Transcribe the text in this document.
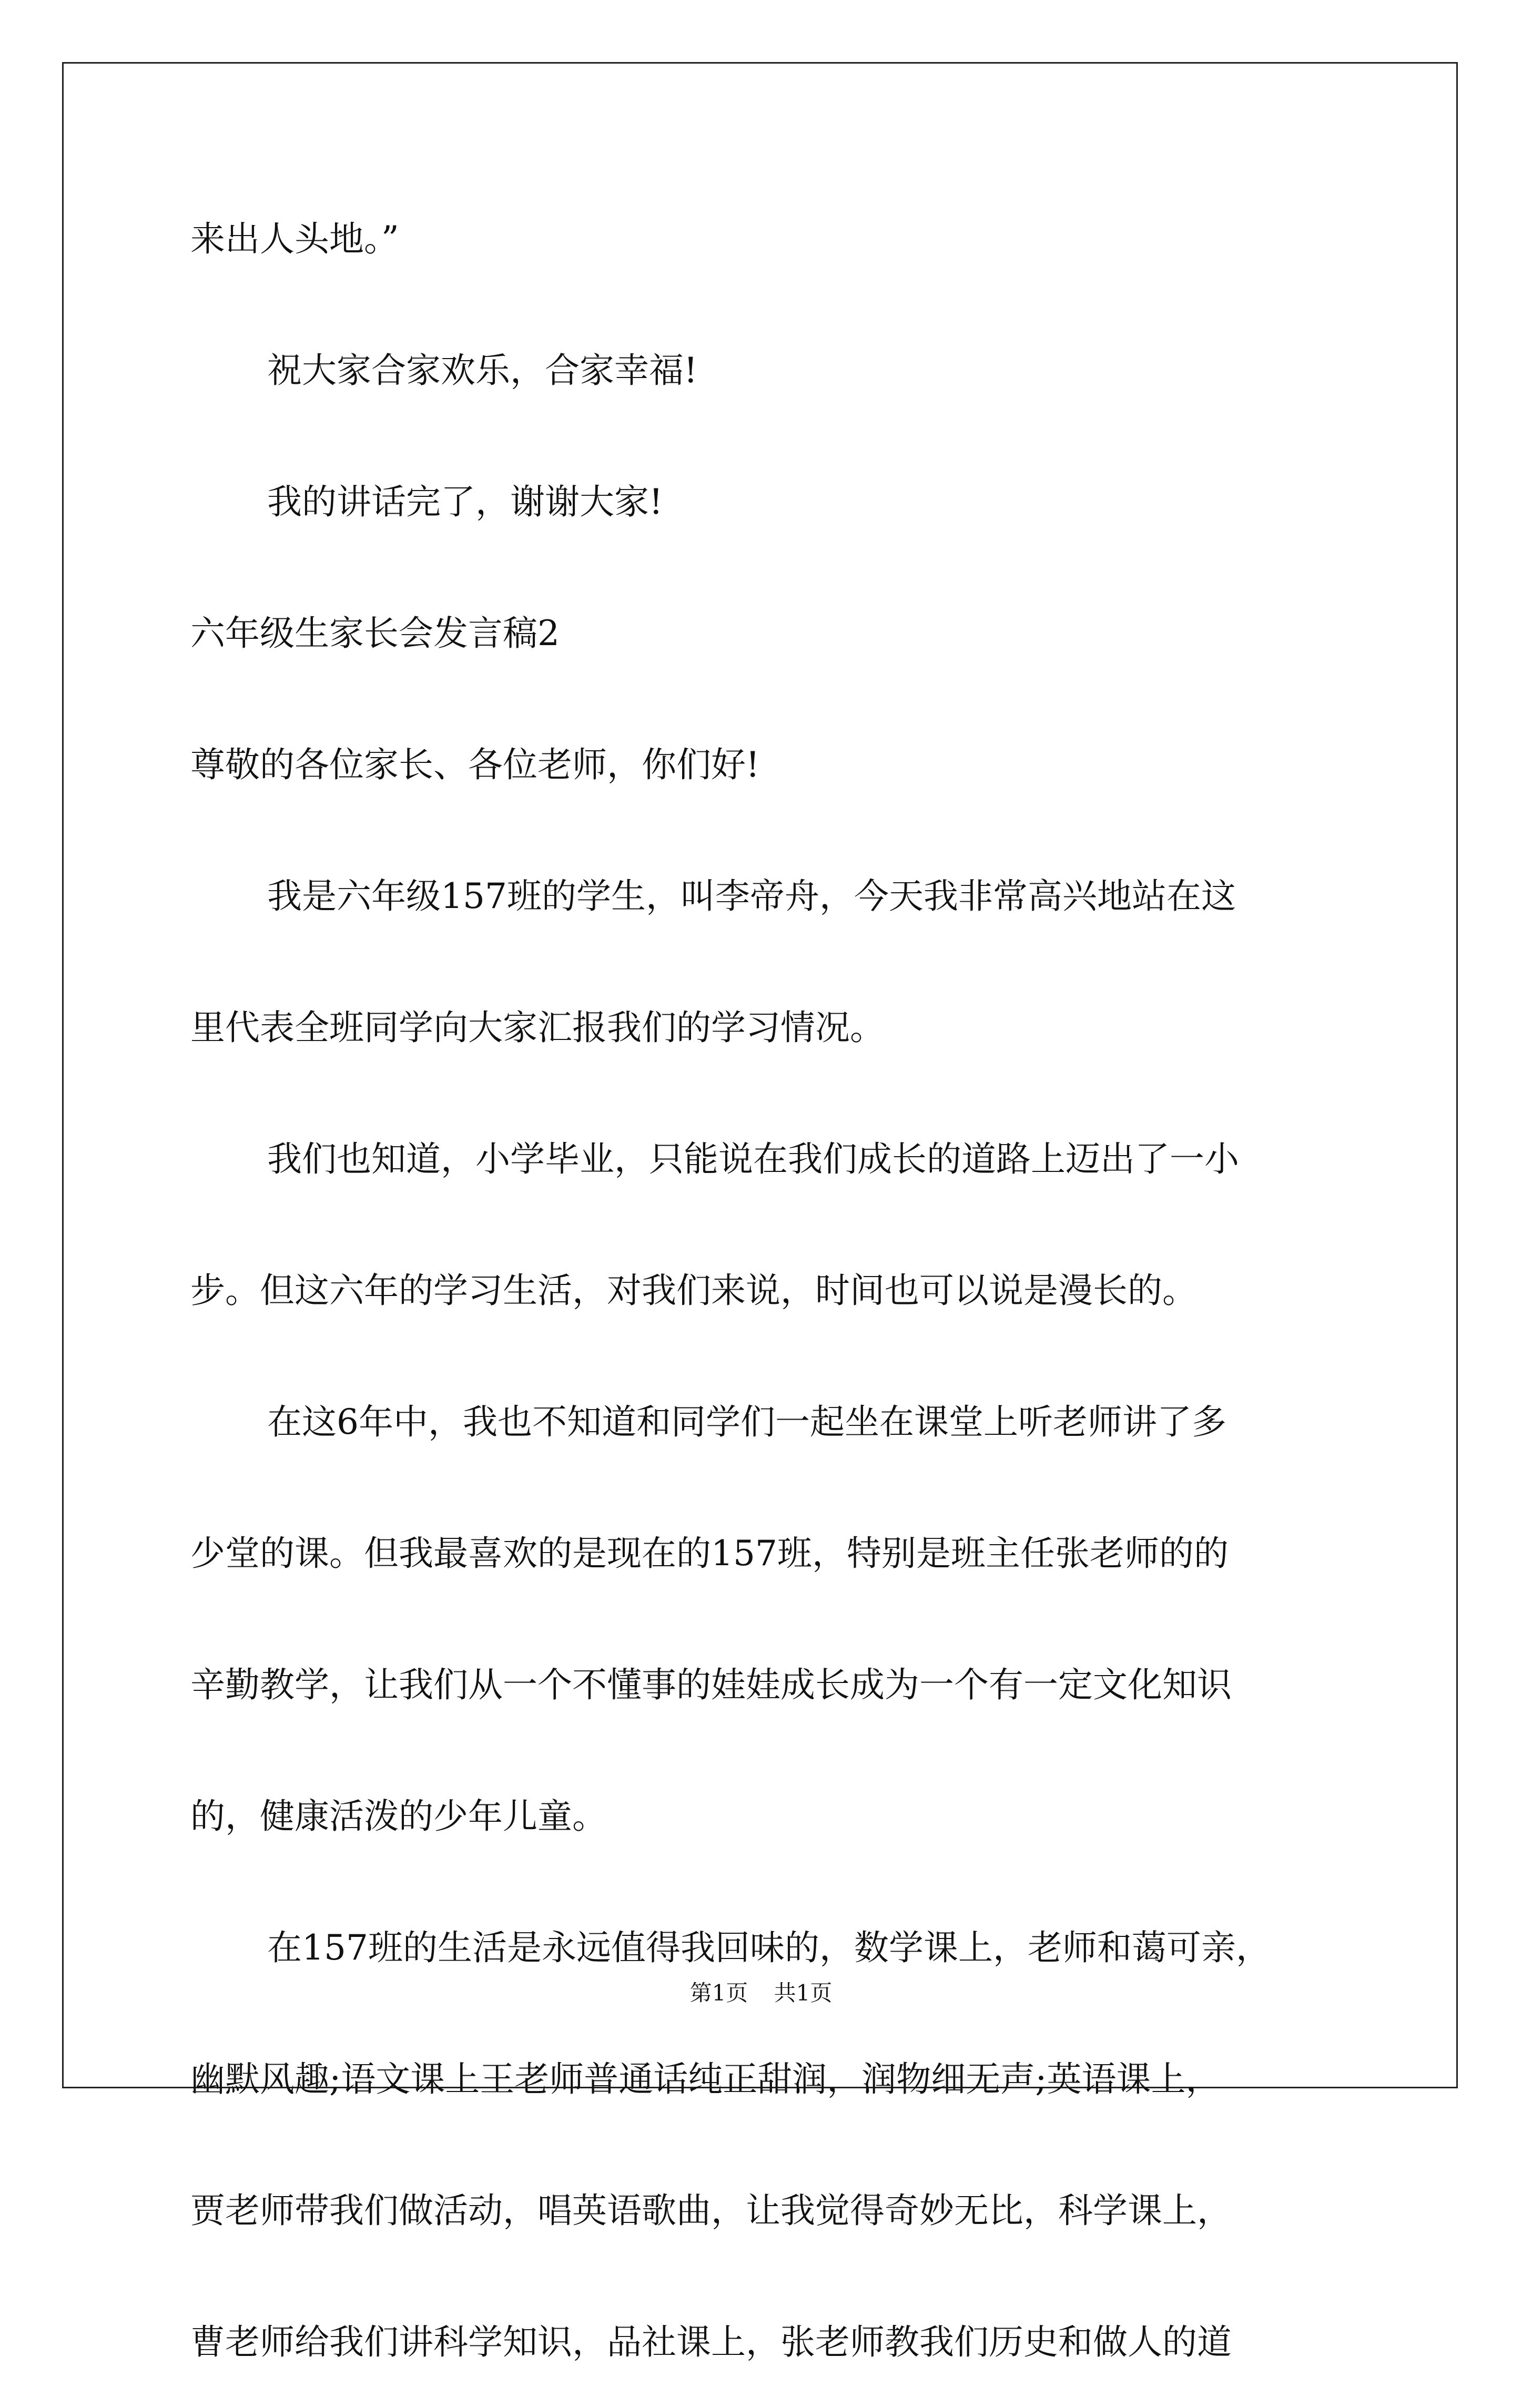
来出人头地。”
祝大家合家欢乐，合家幸福!
我的讲话完了，谢谢大家!
六年级生家长会发言稿2
尊敬的各位家长、各位老师，你们好!
我是六年级157班的学生，叫李帝舟，今天我非常高兴地站在这
里代表全班同学向大家汇报我们的学习情况。
我们也知道，小学毕业，只能说在我们成长的道路上迈出了一小
步。但这六年的学习生活，对我们来说，时间也可以说是漫长的。
在这6年中，我也不知道和同学们一起坐在课堂上听老师讲了多
少堂的课。但我最喜欢的是现在的157班，特别是班主任张老师的的
辛勤教学，让我们从一个不懂事的娃娃成长成为一个有一定文化知识
的，健康活泼的少年儿童。
在157班的生活是永远值得我回味的，数学课上，老师和蔼可亲，
幽默风趣;语文课上王老师普通话纯正甜润，润物细无声;英语课上，
贾老师带我们做活动，唱英语歌曲，让我觉得奇妙无比，科学课上，
曹老师给我们讲科学知识，品社课上，张老师教我们历史和做人的道
第1页 共1页
